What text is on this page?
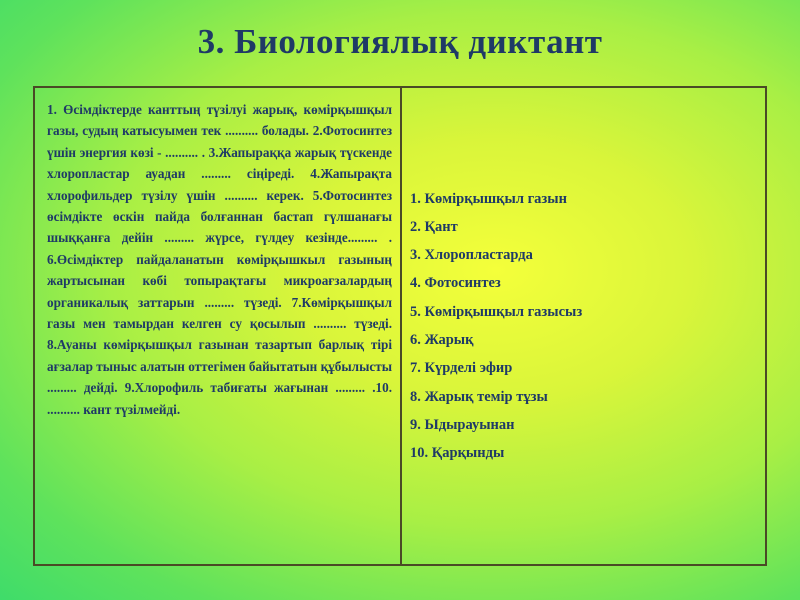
3. Биологиялық диктант

1. Өсімдіктерде канттың түзілуі жарық, көмірқышқыл газы, судың катысуымен тек .......... болады. 2.Фотосинтез үшін энергия көзі - .......... . 3.Жапыраққа жарық түскенде хлоропластар ауадан ......... сіңіреді. 4.Жапырақта хлорофильдер түзілу үшін .......... керек. 5.Фотосинтез өсімдікте өскін пайда болғаннан бастап гүлшанағы шыққанға дейін ......... жүрсе, гүлдеу кезінде......... . 6.Өсімдіктер пайдаланатын көмірқышкыл газының жартысынан көбі топырақтағы микроағзалардың органикалық заттарын ......... түзеді. 7.Көмірқышқыл газы мен тамырдан келген су қосылып .......... түзеді. 8.Ауаны көмірқышқыл газынан тазартып барлық тірі ағзалар тыныс алатын оттегімен байытатын құбылысты ......... дейді. 9.Хлорофиль табиғаты жағынан ......... .10. .......... кант түзілмейді.

1. Көмірқышқыл газын
2. Қант
3. Хлоропластарда
4. Фотосинтез
5. Көмірқышқыл газысыз
6. Жарық
7. Күрделі эфир
8. Жарық темір тұзы
9. Ыдырауынан
10. Қарқынды
